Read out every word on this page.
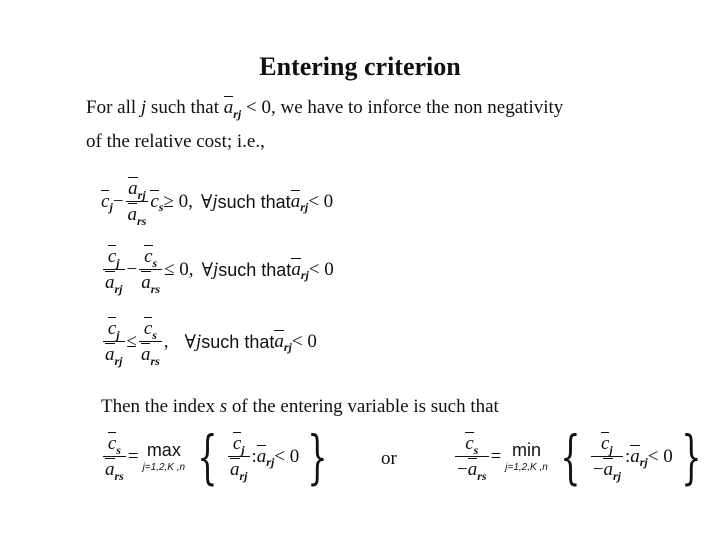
Entering criterion
For all j such that $a_{rj} < 0$, we have to inforce the non negativity
of the relative cost; i.e.,
c $j - \frac{a_{rj}}{a_{rs}}$ c s ≥ 0, ∀ j such that a rj < 0
$\frac{c_j}{a_{rj}} - \frac{c_s}{a_{rs}} \le 0$, ∀ j such that a rj < 0
$\frac{c_j}{a_{rj}} \le \frac{c_s}{a_{rs}}$ , ∀ j such that a rj < 0
Then the index s of the entering variable is such that
$\frac{c_s}{a_{rs}} = \max$
j=1,2,K ,n { $\frac{c_j}{a_{rj}}$ : a rj < 0 }	or	$\frac{c_s}{-a_{rs}} = \min$
j=1,2,K ,n { $\frac{c_j}{-a_{rj}}$ : a rj < 0 }
